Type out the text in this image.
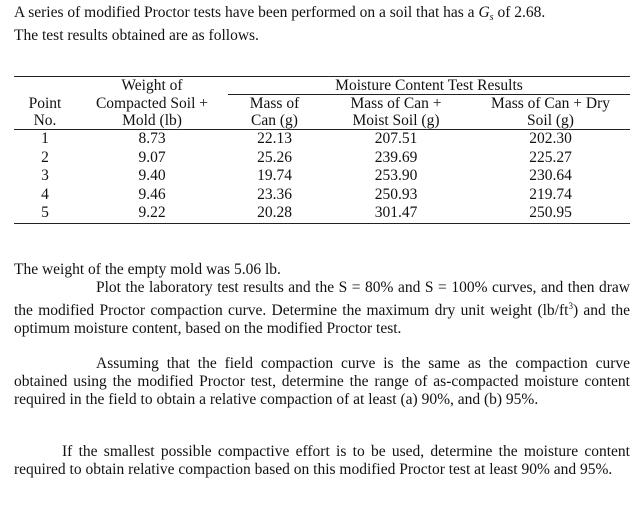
A series of modified Proctor tests have been performed on a soil that has a $G_s$ of 2.68.

The test results obtained are as follows.

	Weight of	Moisture Content Test Results		
Point	Compacted Soil +	Mass of	Mass of Can +	Mass of Can + Dry
No.	Mold (lb)	Can (g)	Moist Soil (g)	Soil (g)
1	8.73	22.13	207.51	202.30
2	9.07	25.26	239.69	225.27
3	9.40	19.74	253.90	230.64
4	9.46	23.36	250.93	219.74
5	9.22	20.28	301.47	250.95

The weight of the empty mold was 5.06 lb.

Plot the laboratory test results and the S = 80% and S = 100% curves, and then draw the modified Proctor compaction curve. Determine the maximum dry unit weight $(lb/ft^3)$ and the optimum moisture content, based on the modified Proctor test.

Assuming that the field compaction curve is the same as the compaction curve obtained using the modified Proctor test, determine the range of as-compacted moisture content required in the field to obtain a relative compaction of at least (a) 90%, and (b) 95%.

If the smallest possible compactive effort is to be used, determine the moisture content required to obtain relative compaction based on this modified Proctor test at least 90% and 95%.
